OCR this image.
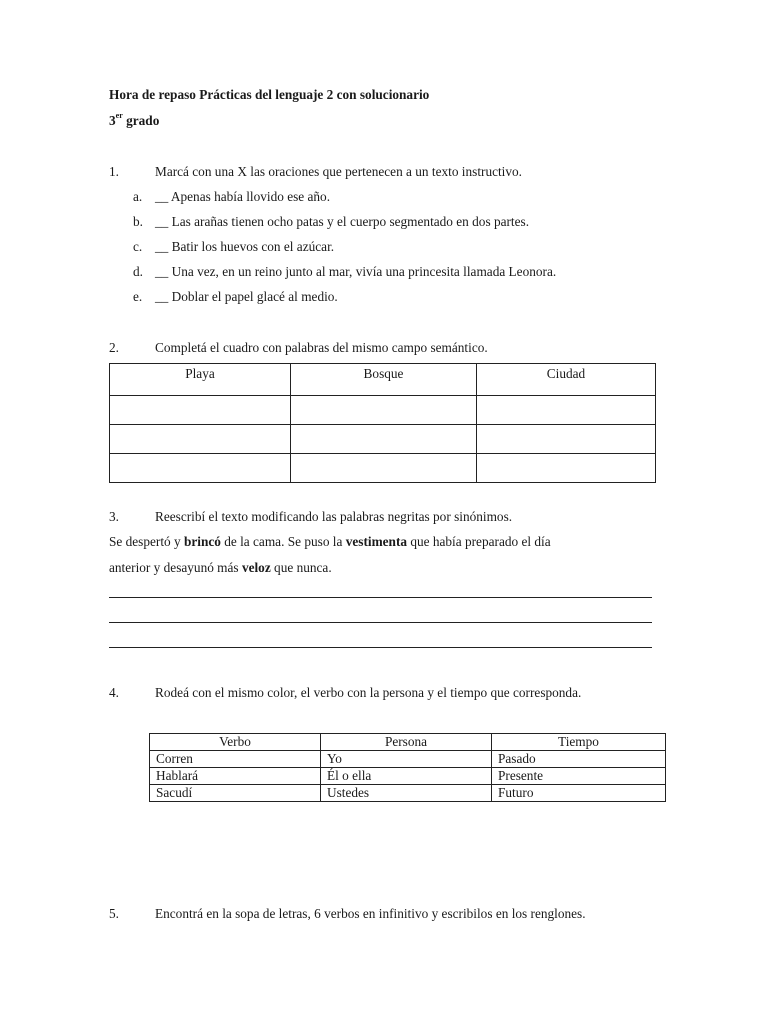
Hora de repaso Prácticas del lenguaje 2 con solucionario
3er grado
1.	Marcá con una X las oraciones que pertenecen a un texto instructivo.
a. __ Apenas había llovido ese año.
b. __ Las arañas tienen ocho patas y el cuerpo segmentado en dos partes.
c. __ Batir los huevos con el azúcar.
d. __ Una vez, en un reino junto al mar, vivía una princesita llamada Leonora.
e. __ Doblar el papel glacé al medio.
2.	Completá el cuadro con palabras del mismo campo semántico.
Playa	Bosque	Ciudad

3.	Reescribí el texto modificando las palabras negritas por sinónimos.
Se despertó y brincó de la cama. Se puso la vestimenta que había preparado el día
anterior y desayunó más veloz que nunca.
4.	Rodeá con el mismo color, el verbo con la persona y el tiempo que corresponda.
Verbo	Persona	Tiempo
Corren	Yo	Pasado
Hablará	Él o ella	Presente
Sacudí	Ustedes	Futuro
5.	Encontrá en la sopa de letras, 6 verbos en infinitivo y escribilos en los renglones.
